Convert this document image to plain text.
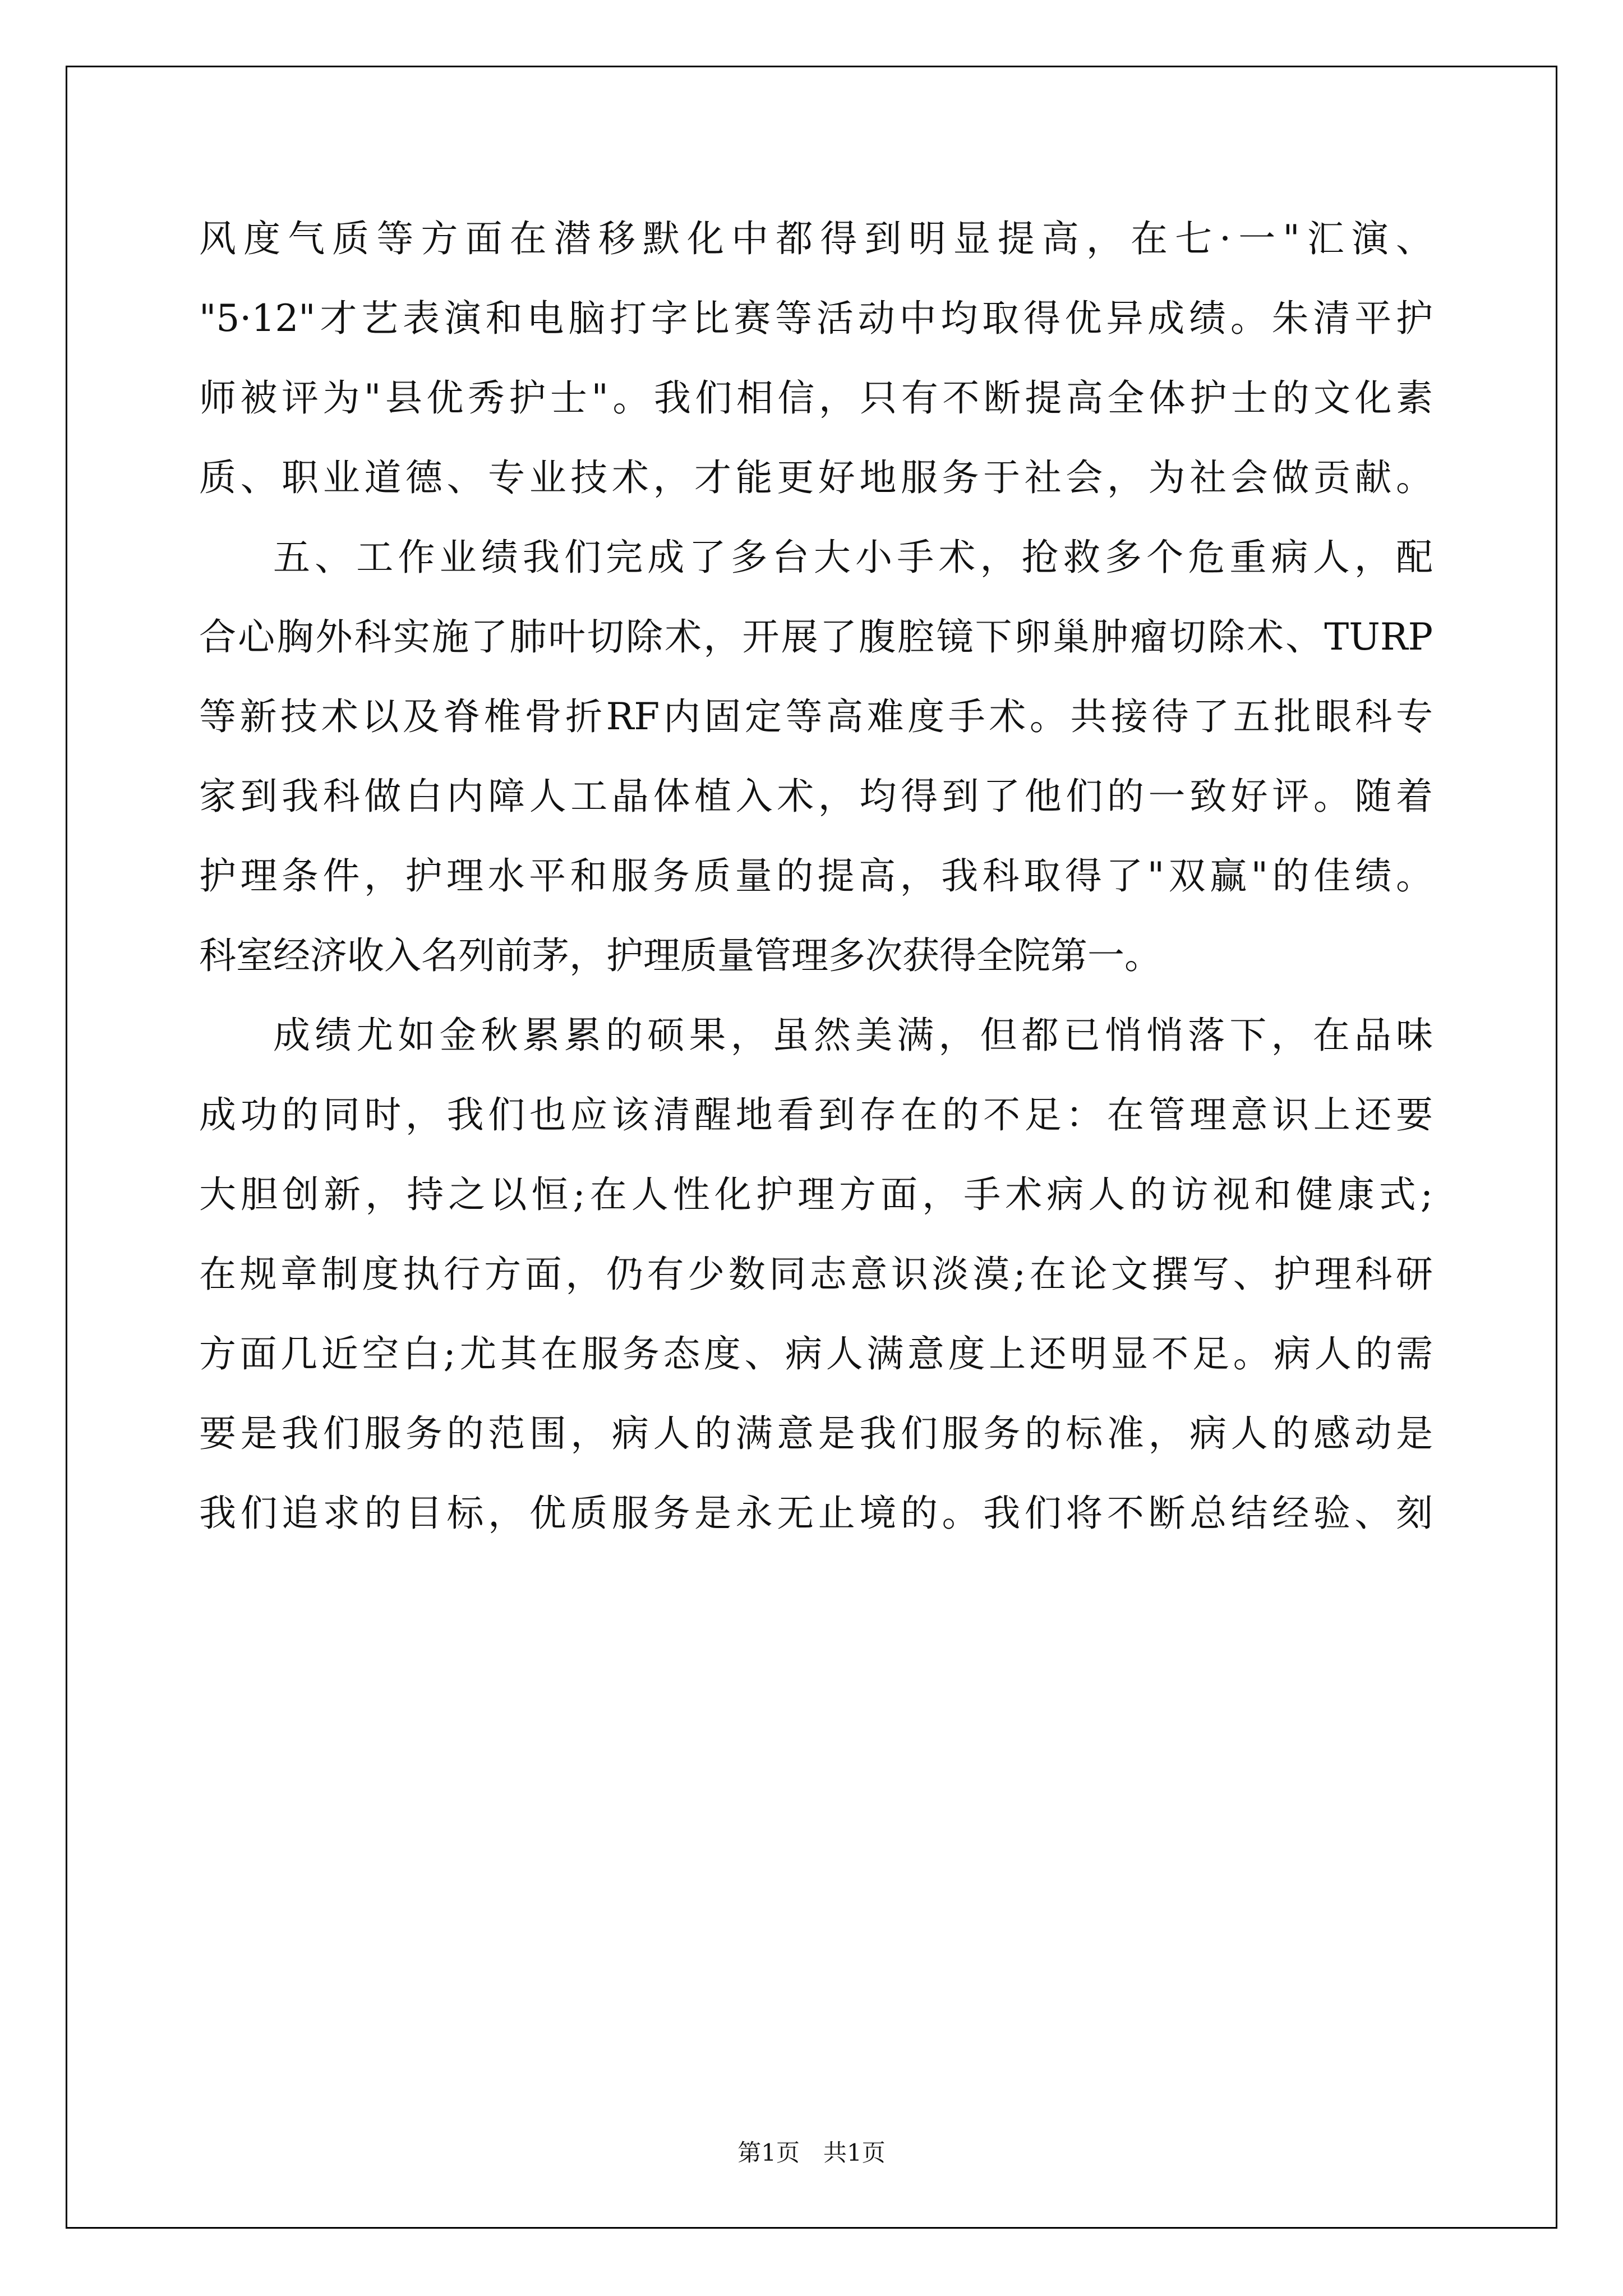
风度气质等方面在潜移默化中都得到明显提高，在七·一"汇演、
"5·12"才艺表演和电脑打字比赛等活动中均取得优异成绩。朱清平护
师被评为"县优秀护士"。我们相信，只有不断提高全体护士的文化素
质、职业道德、专业技术，才能更好地服务于社会，为社会做贡献。
五、工作业绩我们完成了多台大小手术，抢救多个危重病人，配
合心胸外科实施了肺叶切除术，开展了腹腔镜下卵巢肿瘤切除术、TURP
等新技术以及脊椎骨折RF内固定等高难度手术。共接待了五批眼科专
家到我科做白内障人工晶体植入术，均得到了他们的一致好评。随着
护理条件，护理水平和服务质量的提高，我科取得了"双赢"的佳绩。
科室经济收入名列前茅，护理质量管理多次获得全院第一。
成绩尤如金秋累累的硕果，虽然美满，但都已悄悄落下，在品味
成功的同时，我们也应该清醒地看到存在的不足：在管理意识上还要
大胆创新，持之以恒;在人性化护理方面，手术病人的访视和健康式;
在规章制度执行方面，仍有少数同志意识淡漠;在论文撰写、护理科研
方面几近空白;尤其在服务态度、病人满意度上还明显不足。病人的需
要是我们服务的范围，病人的满意是我们服务的标准，病人的感动是
我们追求的目标，优质服务是永无止境的。我们将不断总结经验、刻
第1页　共1页
